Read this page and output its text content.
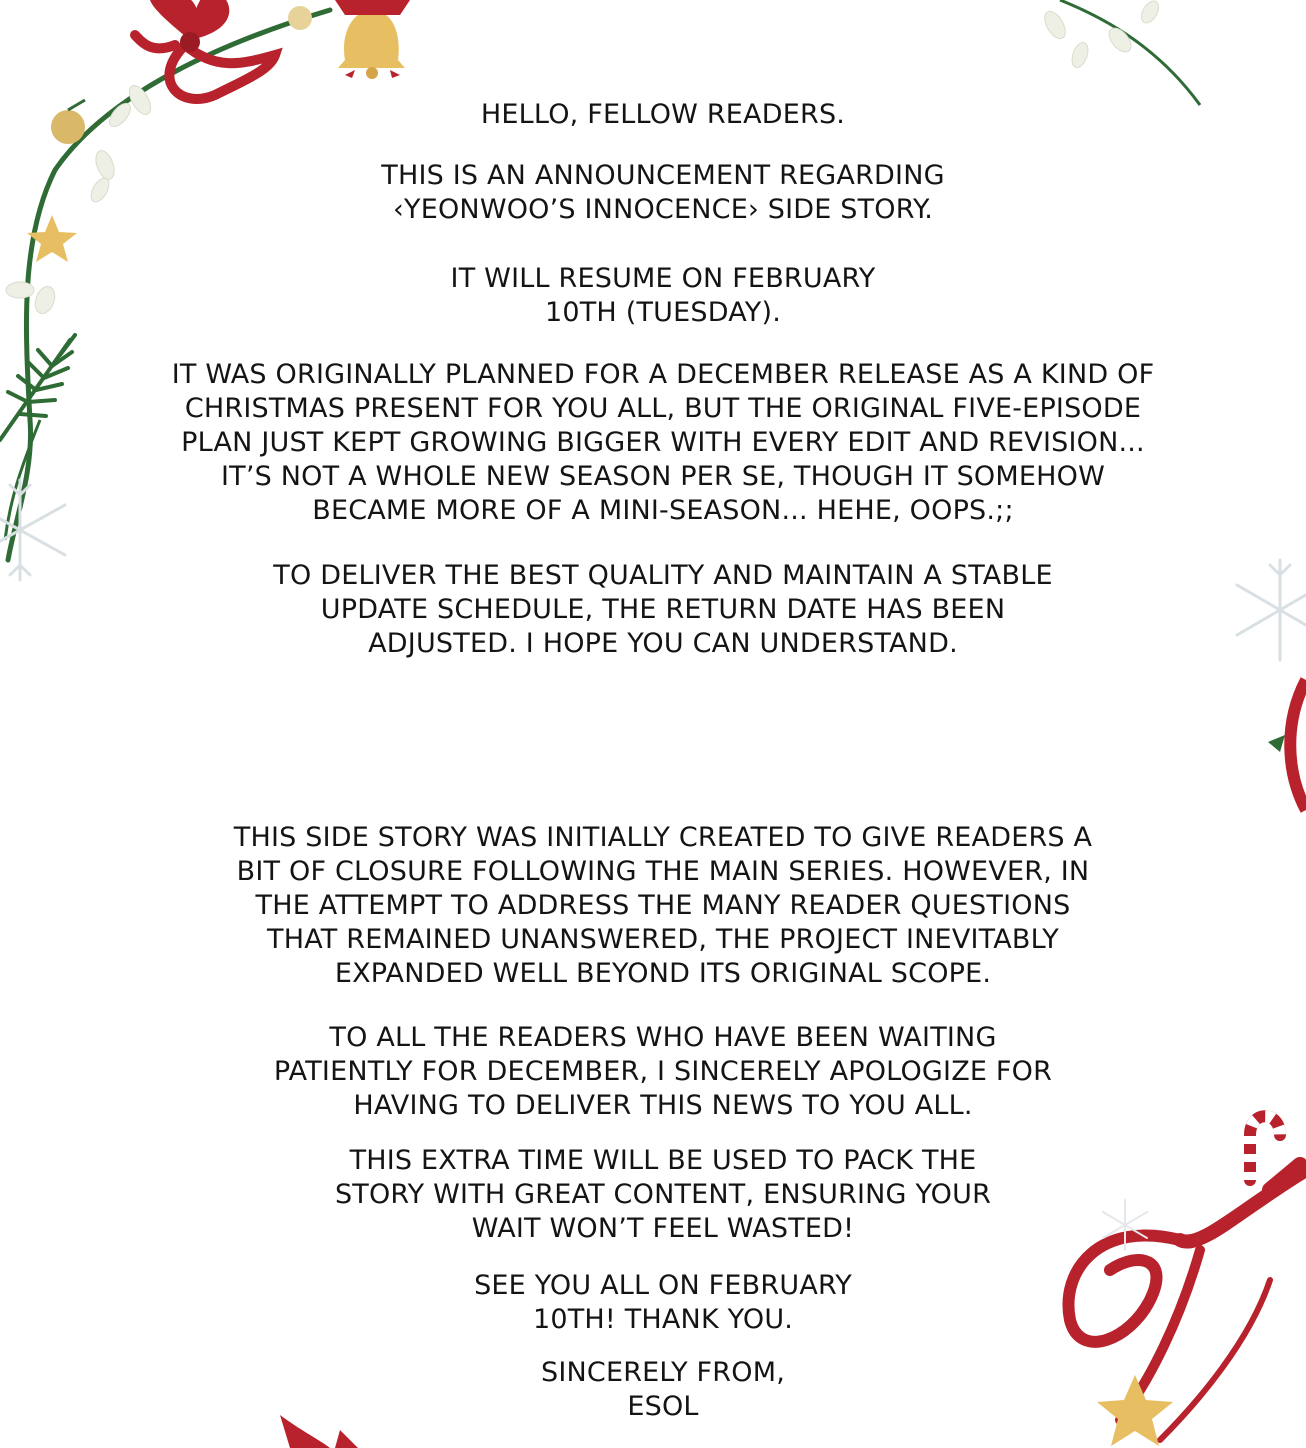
HELLO, FELLOW READERS.

THIS IS AN ANNOUNCEMENT REGARDING
‹YEONWOO’S INNOCENCE› SIDE STORY.

IT WILL RESUME ON FEBRUARY
10TH (TUESDAY).

IT WAS ORIGINALLY PLANNED FOR A DECEMBER RELEASE AS A KIND OF
CHRISTMAS PRESENT FOR YOU ALL, BUT THE ORIGINAL FIVE-EPISODE
PLAN JUST KEPT GROWING BIGGER WITH EVERY EDIT AND REVISION...
IT’S NOT A WHOLE NEW SEASON PER SE, THOUGH IT SOMEHOW
BECAME MORE OF A MINI-SEASON... HEHE, OOPS.;;

TO DELIVER THE BEST QUALITY AND MAINTAIN A STABLE
UPDATE SCHEDULE, THE RETURN DATE HAS BEEN
ADJUSTED. I HOPE YOU CAN UNDERSTAND.

THIS SIDE STORY WAS INITIALLY CREATED TO GIVE READERS A
BIT OF CLOSURE FOLLOWING THE MAIN SERIES. HOWEVER, IN
THE ATTEMPT TO ADDRESS THE MANY READER QUESTIONS
THAT REMAINED UNANSWERED, THE PROJECT INEVITABLY
EXPANDED WELL BEYOND ITS ORIGINAL SCOPE.

TO ALL THE READERS WHO HAVE BEEN WAITING
PATIENTLY FOR DECEMBER, I SINCERELY APOLOGIZE FOR
HAVING TO DELIVER THIS NEWS TO YOU ALL.

THIS EXTRA TIME WILL BE USED TO PACK THE
STORY WITH GREAT CONTENT, ENSURING YOUR
WAIT WON’T FEEL WASTED!

SEE YOU ALL ON FEBRUARY
10TH! THANK YOU.

SINCERELY FROM,
ESOL
